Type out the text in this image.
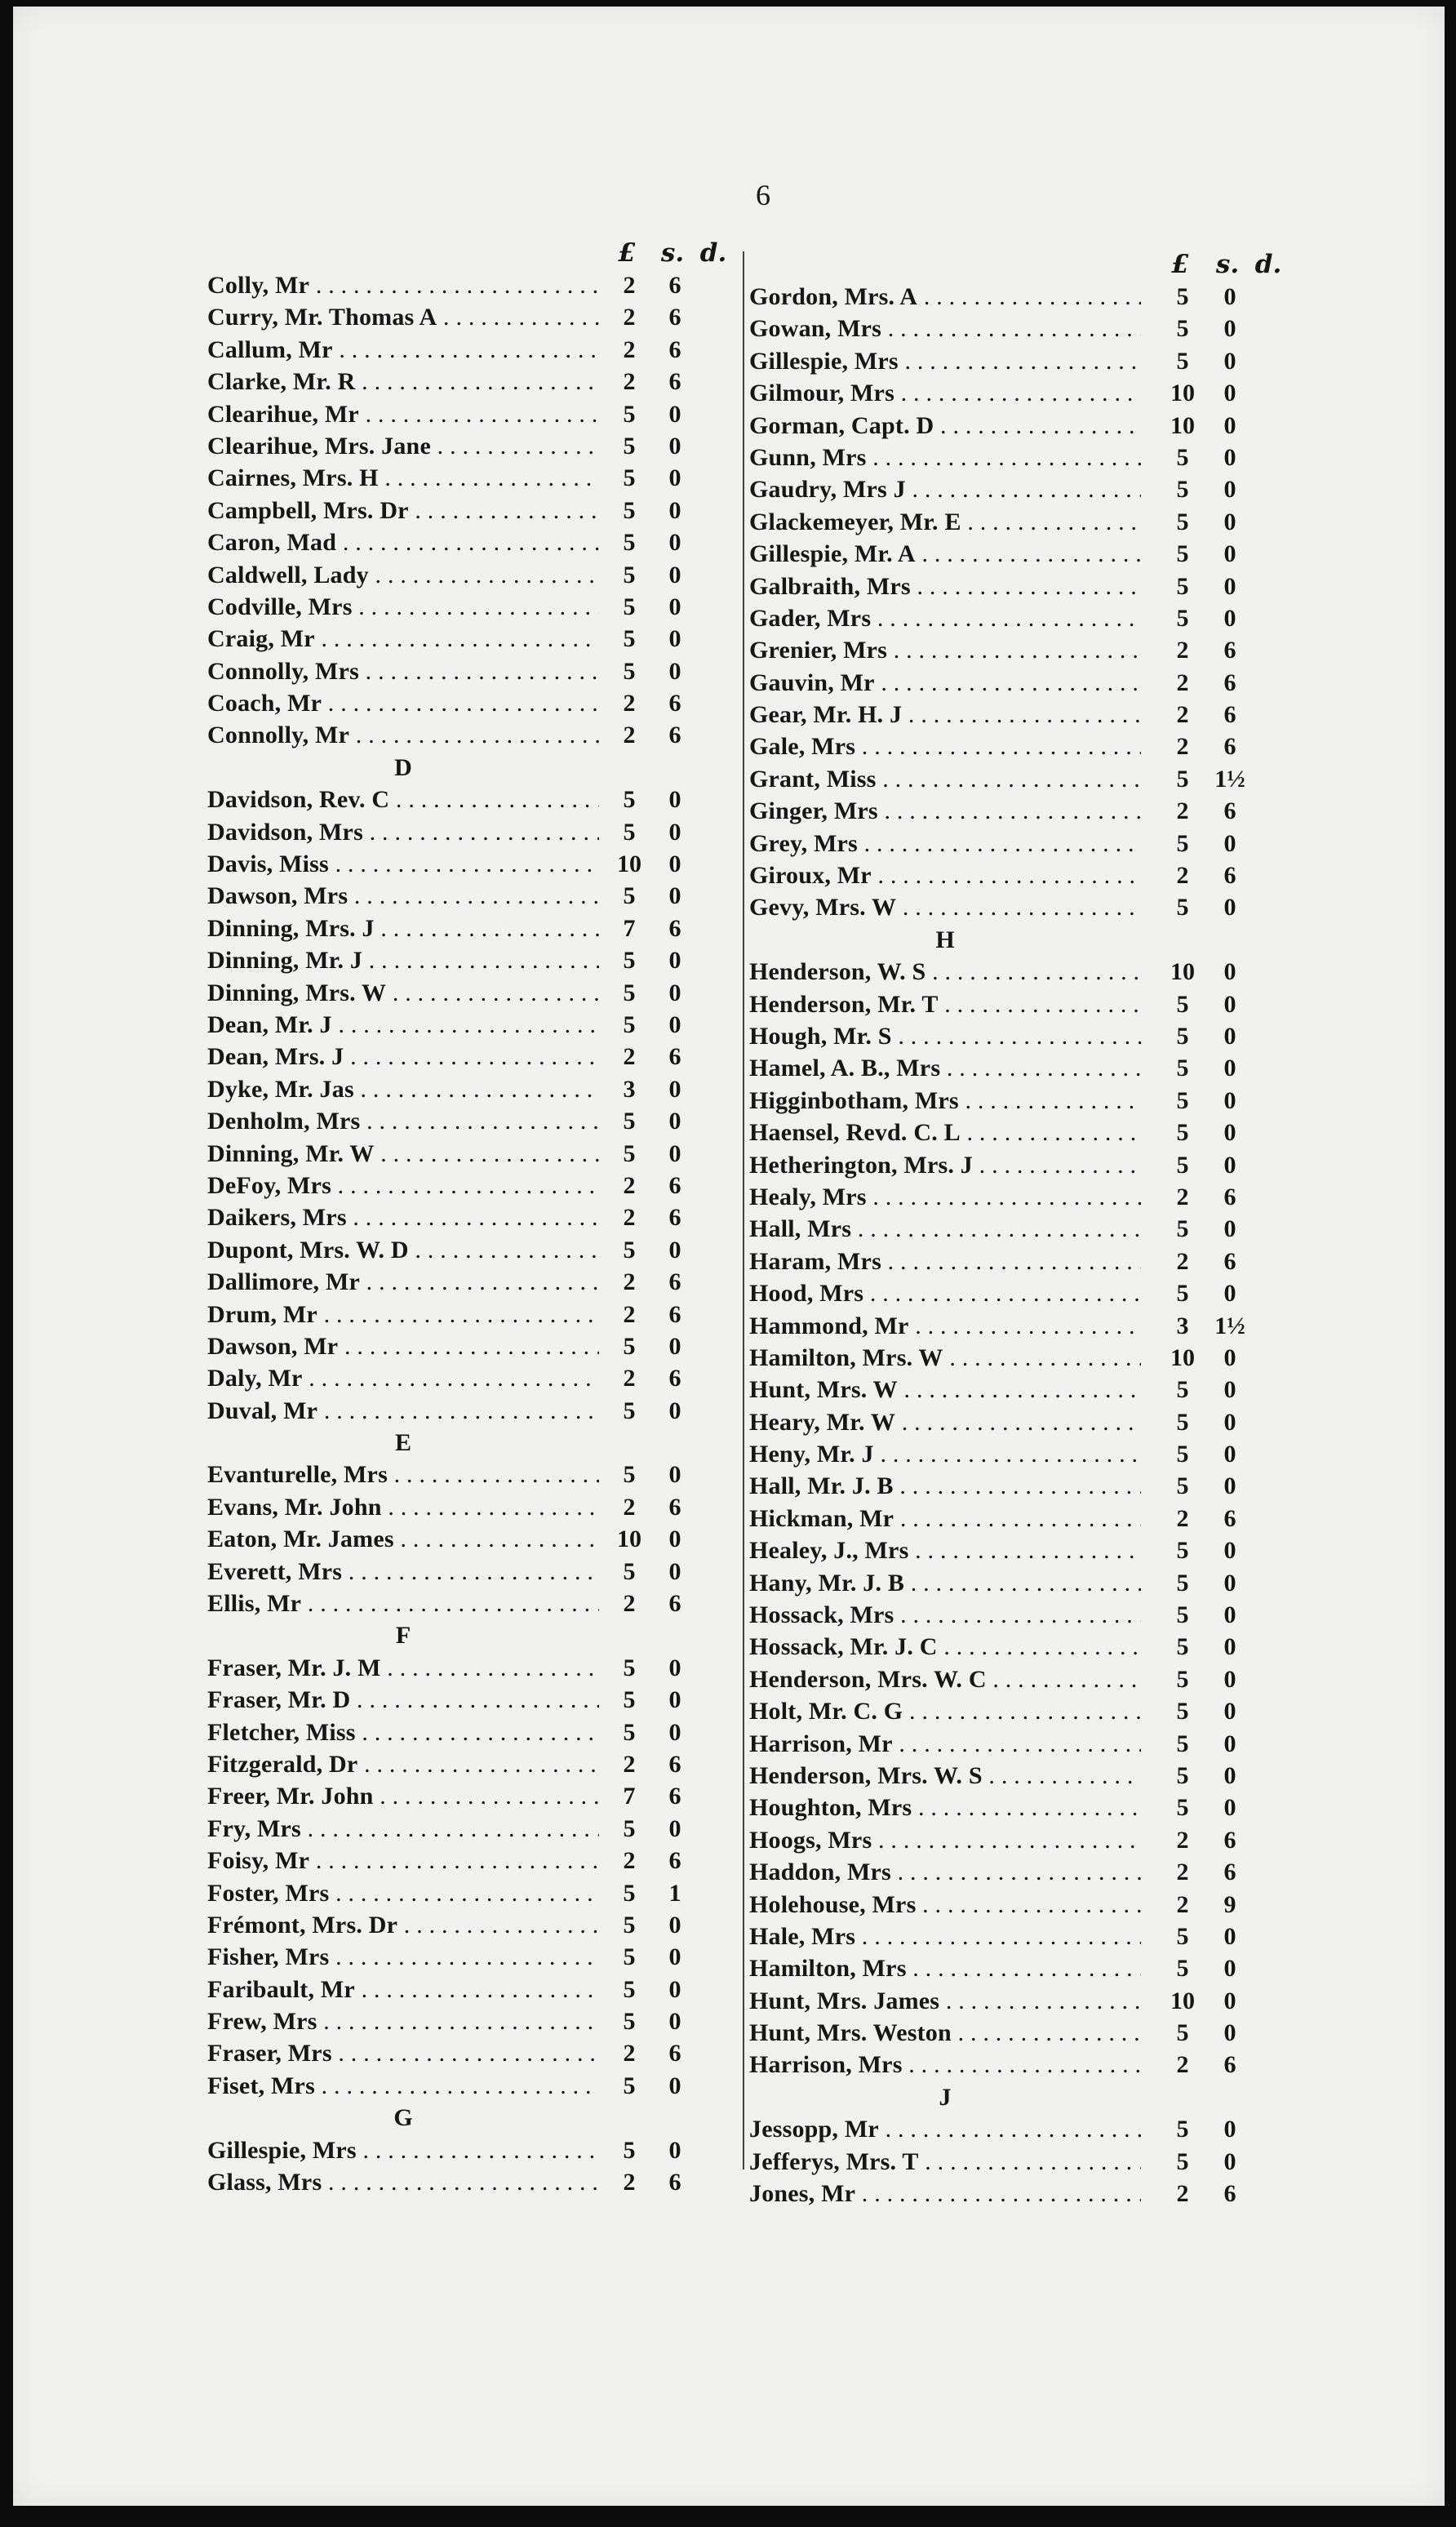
6
£ s. d.
Colly, Mr . . .	2	6
Curry, Mr. Thomas A . . .	2	6
Callum, Mr . . .	2	6
Clarke, Mr. R . . .	2	6
Clearihue, Mr . . .	5	0
Clearihue, Mrs. Jane . . .	5	0
Cairnes, Mrs. H . . .	5	0
Campbell, Mrs. Dr . . .	5	0
Caron, Mad . . .	5	0
Caldwell, Lady . . .	5	0
Codville, Mrs . . .	5	0
Craig, Mr . . .	5	0
Connolly, Mrs . . .	5	0
Coach, Mr . . .	2	6
Connolly, Mr . . .	2	6
D
Davidson, Rev. C . . .	5	0
Davidson, Mrs . . .	5	0
Davis, Miss . . .	10	0
Dawson, Mrs . . .	5	0
Dinning, Mrs. J . . .	7	6
Dinning, Mr. J . . .	5	0
Dinning, Mrs. W . . .	5	0
Dean, Mr. J . . .	5	0
Dean, Mrs. J . . .	2	6
Dyke, Mr. Jas . . .	3	0
Denholm, Mrs . . .	5	0
Dinning, Mr. W . . .	5	0
DeFoy, Mrs . . .	2	6
Daikers, Mrs . . .	2	6
Dupont, Mrs. W. D . . .	5	0
Dallimore, Mr . . .	2	6
Drum, Mr . . .	2	6
Dawson, Mr . . .	5	0
Daly, Mr . . .	2	6
Duval, Mr . . .	5	0
E
Evanturelle, Mrs . . .	5	0
Evans, Mr. John . . .	2	6
Eaton, Mr. James . . .	10	0
Everett, Mrs . . .	5	0
Ellis, Mr . . .	2	6
F
Fraser, Mr. J. M . . .	5	0
Fraser, Mr. D . . .	5	0
Fletcher, Miss . . .	5	0
Fitzgerald, Dr . . .	2	6
Freer, Mr. John . . .	7	6
Fry, Mrs . . .	5	0
Foisy, Mr . . .	2	6
Foster, Mrs . . .	5	1
Frémont, Mrs. Dr . . .	5	0
Fisher, Mrs . . .	5	0
Faribault, Mr . . .	5	0
Frew, Mrs . . .	5	0
Fraser, Mrs . . .	2	6
Fiset, Mrs . . .	5	0
G
Gillespie, Mrs . . .	5	0
Glass, Mrs . . .	2	6
£ s. d.
Gordon, Mrs. A . . .	5	0
Gowan, Mrs . . .	5	0
Gillespie, Mrs . . .	5	0
Gilmour, Mrs . . .	10	0
Gorman, Capt. D . . .	10	0
Gunn, Mrs . . .	5	0
Gaudry, Mrs J . . .	5	0
Glackemeyer, Mr. E . . .	5	0
Gillespie, Mr. A . . .	5	0
Galbraith, Mrs . . .	5	0
Gader, Mrs . . .	5	0
Grenier, Mrs . . .	2	6
Gauvin, Mr . . .	2	6
Gear, Mr. H. J . . .	2	6
Gale, Mrs . . .	2	6
Grant, Miss . . .	5	1½
Ginger, Mrs . . .	2	6
Grey, Mrs . . .	5	0
Giroux, Mr . . .	2	6
Gevy, Mrs. W . . .	5	0
H
Henderson, W. S . . .	10	0
Henderson, Mr. T . . .	5	0
Hough, Mr. S . . .	5	0
Hamel, A. B., Mrs . . .	5	0
Higginbotham, Mrs . . .	5	0
Haensel, Revd. C. L . . .	5	0
Hetherington, Mrs. J . . .	5	0
Healy, Mrs . . .	2	6
Hall, Mrs . . .	5	0
Haram, Mrs . . .	2	6
Hood, Mrs . . .	5	0
Hammond, Mr . . .	3	1½
Hamilton, Mrs. W . . .	10	0
Hunt, Mrs. W . . .	5	0
Heary, Mr. W . . .	5	0
Heny, Mr. J . . .	5	0
Hall, Mr. J. B . . .	5	0
Hickman, Mr . . .	2	6
Healey, J., Mrs . . .	5	0
Hany, Mr. J. B . . .	5	0
Hossack, Mrs . . .	5	0
Hossack, Mr. J. C . . .	5	0
Henderson, Mrs. W. C . . .	5	0
Holt, Mr. C. G . . .	5	0
Harrison, Mr . . .	5	0
Henderson, Mrs. W. S . . .	5	0
Houghton, Mrs . . .	5	0
Hoogs, Mrs . . .	2	6
Haddon, Mrs . . .	2	6
Holehouse, Mrs . . .	2	9
Hale, Mrs . . .	5	0
Hamilton, Mrs . . .	5	0
Hunt, Mrs. James . . .	10	0
Hunt, Mrs. Weston . . .	5	0
Harrison, Mrs . . .	2	6
J
Jessopp, Mr . . .	5	0
Jefferys, Mrs. T . . .	5	0
Jones, Mr . . .	2	6
